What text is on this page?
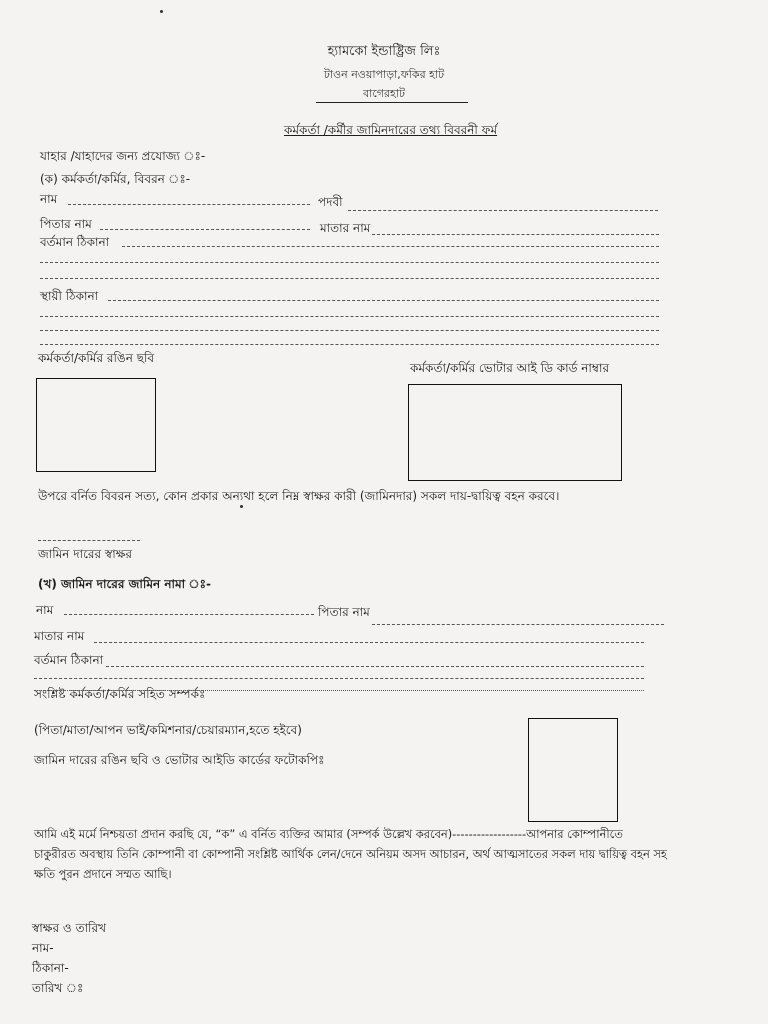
হ্যামকো ইন্ডাষ্ট্রিজ লিঃ
টাওন নওয়াপাড়া,ফকির হাট
বাগেরহাট
কর্মকর্তা /কর্মীর জামিনদারের তথ্য বিবরনী ফর্ম
যাহার /যাহাদের জন্য প্রযোজ্য ঃ-
(ক) কর্মকর্তা/কর্মির, বিবরন ঃ-
নাম	পদবী
পিতার নাম	মাতার নাম
বর্তমান ঠিকানা
স্থায়ী ঠিকানা
কর্মকর্তা/কর্মির রঙিন ছবি
কর্মকর্তা/কর্মির ভোটার আই ডি কার্ড নাম্বার
উপরে বর্নিত বিবরন সত্য, কোন প্রকার অন্যথা হলে নিম্ন স্বাক্ষর কারী (জামিনদার) সকল দায়-দ্বায়িত্ব বহন করবে।
জামিন দারের স্বাক্ষর
(খ) জামিন দারের জামিন নামা ঃ-
নাম	পিতার নাম
মাতার নাম
বর্তমান ঠিকানা
সংশ্লিষ্ট কর্মকর্তা/কর্মির সহিত সম্পর্কঃ
(পিতা/মাতা/আপন ভাই/কমিশনার/চেয়ারম্যান,হতে হইবে)
জামিন দারের রঙিন ছবি ও ভোটার আইডি কার্ডের ফটোকপিঃ
আমি এই মর্মে নিশ্চয়তা প্রদান করছি যে, “ক” এ বর্নিত ব্যক্তির আমার (সম্পর্ক উল্লেখ করবেন)------------------আপনার কোম্পানীতে
চাকুরীরত অবস্থায় তিনি কোম্পানী বা কোম্পানী সংশ্লিষ্ট আর্থিক লেন/দেনে অনিয়ম অসদ আচারন, অর্থ আত্মসাতের সকল দায় দ্বায়িত্ব বহন সহ
ক্ষতি পুরন প্রদানে সম্মত আছি।
স্বাক্ষর ও তারিখ
নাম-
ঠিকানা-
তারিখ ঃ
